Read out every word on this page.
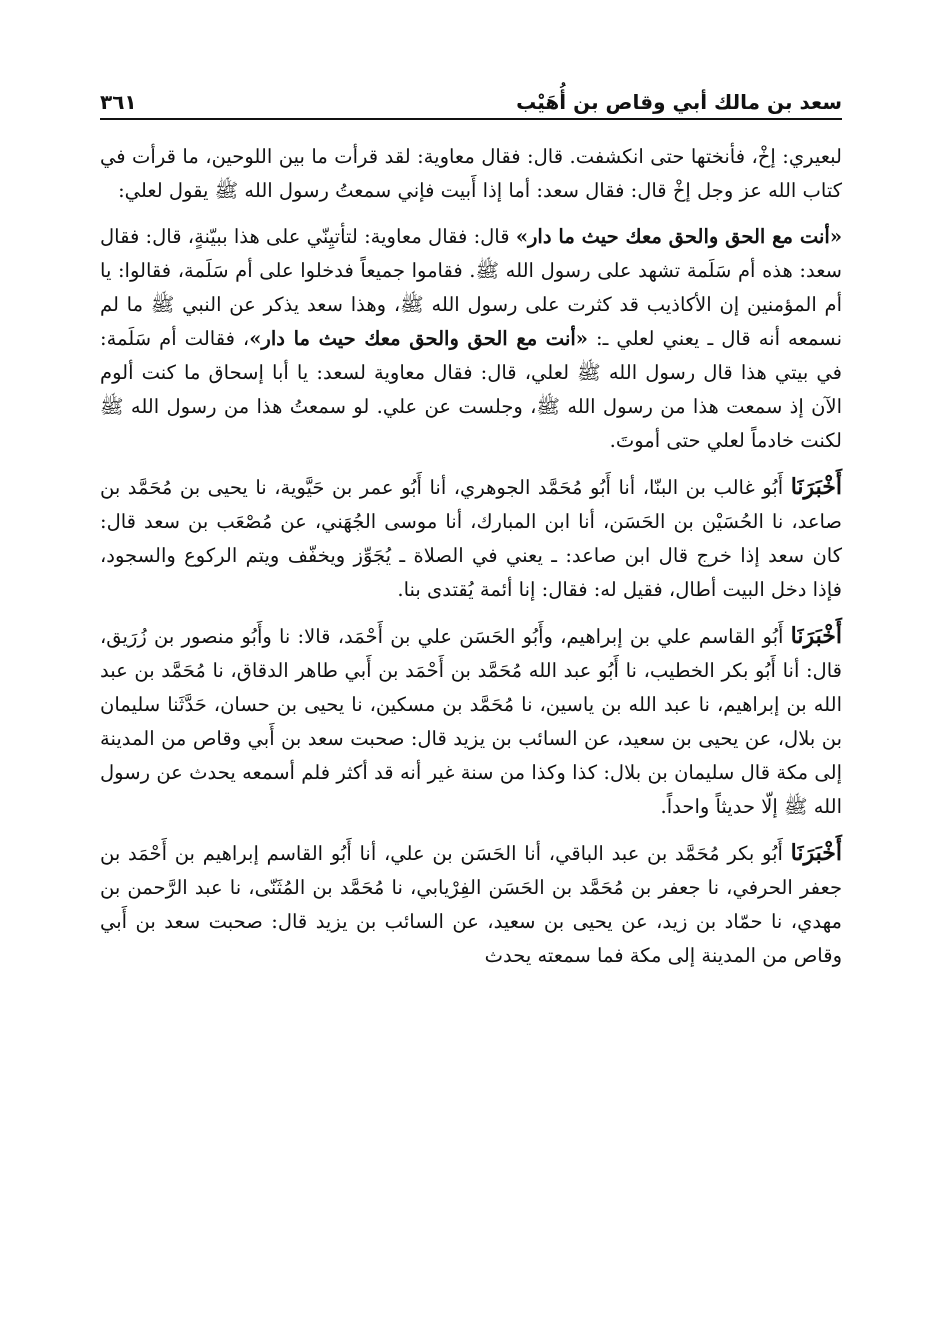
سعد بن مالك أبي وقاص بن أُهَيْب
٣٦١

لبعيري: إخْ، فأنختها حتى انكشفت. قال: فقال معاوية: لقد قرأت ما بين اللوحين، ما قرأت في كتاب الله عز وجل إخْ قال: فقال سعد: أما إذا أَبيت فإني سمعتُ رسول الله ﷺ يقول لعلي:

«أنت مع الحق والحق معك حيث ما دار» قال: فقال معاوية: لتأتيِنّي على هذا ببيّنةٍ، قال: فقال سعد: هذه أم سَلَمة تشهد على رسول الله ﷺ. فقاموا جميعاً فدخلوا على أم سَلَمة، فقالوا: يا أم المؤمنين إن الأكاذيب قد كثرت على رسول الله ﷺ، وهذا سعد يذكر عن النبي ﷺ ما لم نسمعه أنه قال ـ يعني لعلي ـ: «أنت مع الحق والحق معك حيث ما دار»، فقالت أم سَلَمة: في بيتي هذا قال رسول الله ﷺ لعلي، قال: فقال معاوية لسعد: يا أبا إسحاق ما كنت ألوم الآن إذ سمعت هذا من رسول الله ﷺ، وجلست عن علي. لو سمعتُ هذا من رسول الله ﷺ لكنت خادماً لعلي حتى أموتَ.

أَخْبَرَنَا أَبُو غالب بن البنّا، أنا أَبُو مُحَمَّد الجوهري، أنا أَبُو عمر بن حَيَّوية، نا يحيى بن مُحَمَّد بن صاعد، نا الحُسَيْن بن الحَسَن، أنا ابن المبارك، أنا موسى الجُهَني، عن مُصْعَب بن سعد قال: كان سعد إذا خرج قال ابن صاعد: ـ يعني في الصلاة ـ يُجَوِّز ويخفّف ويتم الركوع والسجود، فإذا دخل البيت أطال، فقيل له: فقال: إنا أئمة يُقتدى بنا.

أَخْبَرَنَا أَبُو القاسم علي بن إبراهيم، وأَبُو الحَسَن علي بن أَحْمَد، قالا: نا وأَبُو منصور بن زُرَيق، قال: أنا أَبُو بكر الخطيب، نا أَبُو عبد الله مُحَمَّد بن أَحْمَد بن أَبي طاهر الدقاق، نا مُحَمَّد بن عبد الله بن إبراهيم، نا عبد الله بن ياسين، نا مُحَمَّد بن مسكين، نا يحيى بن حسان، حَدَّثَنا سليمان بن بلال، عن يحيى بن سعيد، عن السائب بن يزيد قال: صحبت سعد بن أَبي وقاص من المدينة إلى مكة قال سليمان بن بلال: كذا وكذا من سنة غير أنه قد أكثر فلم أسمعه يحدث عن رسول الله ﷺ إلّا حديثاً واحداً.

أَخْبَرَنَا أَبُو بكر مُحَمَّد بن عبد الباقي، أنا الحَسَن بن علي، أنا أَبُو القاسم إبراهيم بن أَحْمَد بن جعفر الحرفي، نا جعفر بن مُحَمَّد بن الحَسَن الفِرْيابي، نا مُحَمَّد بن المُثَنّى، نا عبد الرَّحمن بن مهدي، نا حمّاد بن زيد، عن يحيى بن سعيد، عن السائب بن يزيد قال: صحبت سعد بن أَبي وقاص من المدينة إلى مكة فما سمعته يحدث
